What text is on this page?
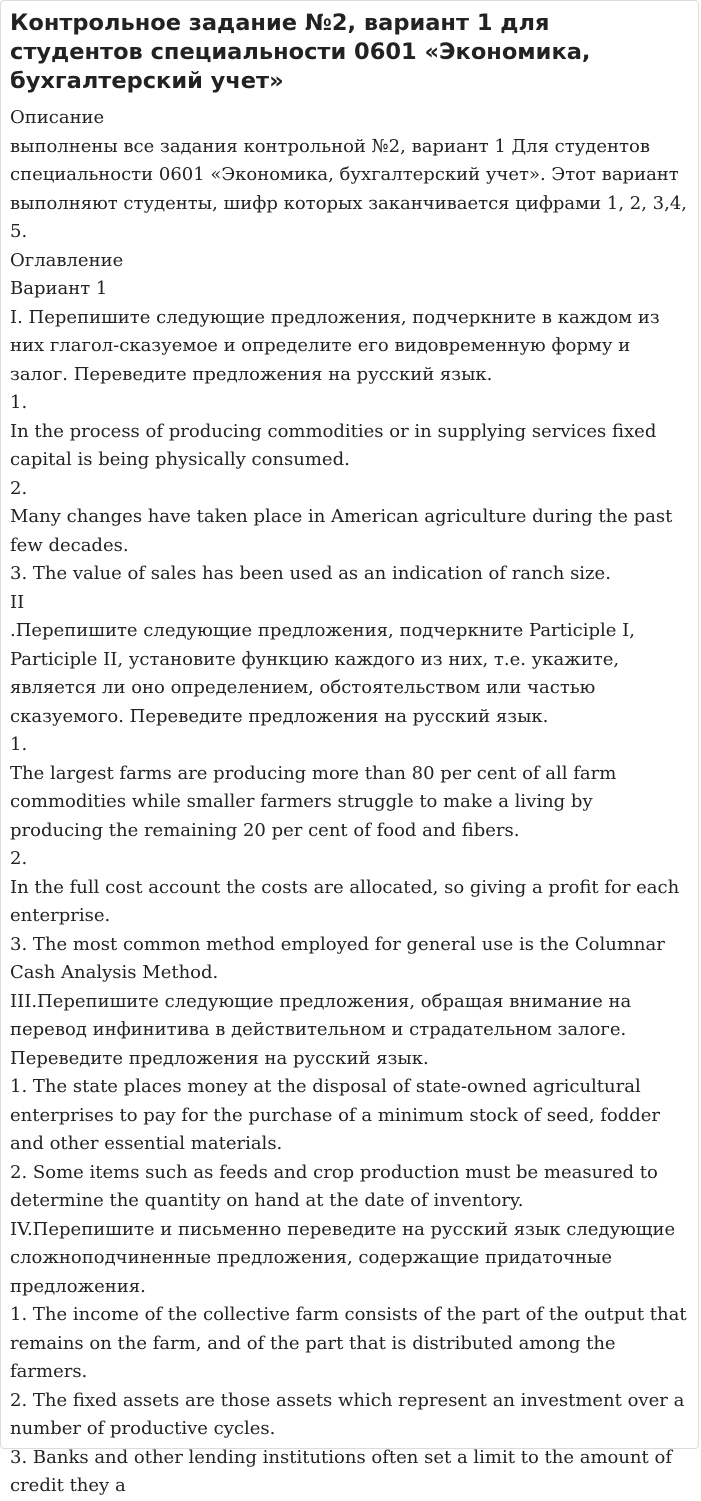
Контрольное задание №2, вариант 1 для студентов специальности 0601 «Экономика, бухгалтерский учет»

Описание

выполнены все задания контрольной №2, вариант 1 Для студентов специальности 0601 «Экономика, бухгалтерский учет». Этот вариант выполняют студенты, шифр которых заканчивается цифрами 1, 2, 3,4, 5.

Оглавление

Вариант 1

I. Перепишите следующие предложения, подчеркните в каждом из них глагол-сказуемое и определите его видовременную форму и залог. Переведите предложения на русский язык.

1.

In the process of producing commodities or in supplying services fixed capital is being physically consumed.

2.

Many changes have taken place in American agriculture during the past few decades.

3. The value of sales has been used as an indication of ranch size.

II

.Перепишите следующие предложения, подчеркните Participle I, Participle II, установите функцию каждого из них, т.е. укажите, является ли оно определением, обстоятельством или частью сказуемого. Переведите предложения на русский язык.

1.

The largest farms are producing more than 80 per cent of all farm commodities while smaller farmers struggle to make a living by producing the remaining 20 per cent of food and fibers.

2.

In the full cost account the costs are allocated, so giving a profit for each enterprise.

3. The most common method employed for general use is the Columnar Cash Analysis Method.

III.Перепишите следующие предложения, обращая внимание на перевод инфинитива в действительном и страдательном залоге. Переведите предложения на русский язык.

1. The state places money at the disposal of state-owned agricultural enterprises to pay for the purchase of a minimum stock of seed, fodder and other essential materials.

2. Some items such as feeds and crop production must be measured to determine the quantity on hand at the date of inventory.

IV.Перепишите и письменно переведите на русский язык следующие сложноподчиненные предложения, содержащие придаточные предложения.

1. The income of the collective farm consists of the part of the output that remains on the farm, and of the part that is distributed among the farmers.

2. The fixed assets are those assets which represent an investment over a number of productive cycles.

3. Banks and other lending institutions often set a limit to the amount of credit they a
